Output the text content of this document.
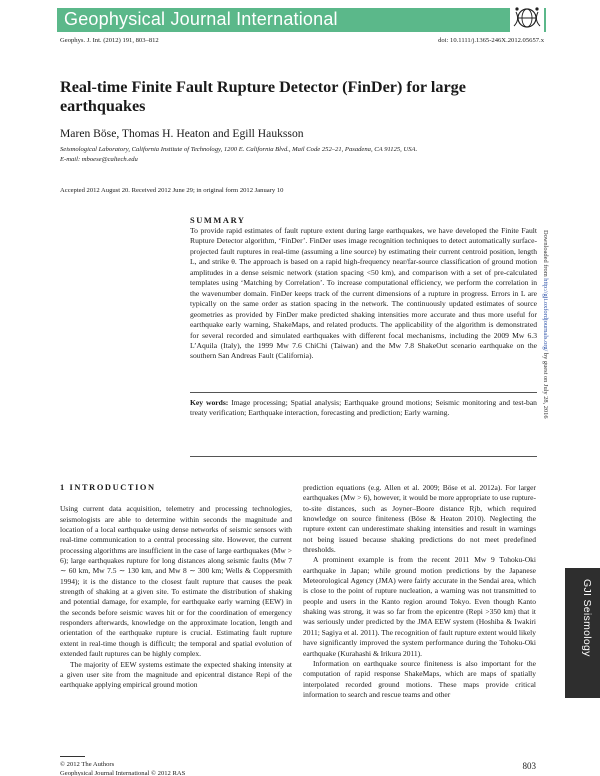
Geophysical Journal International
Geophys. J. Int. (2012) 191, 803–812	doi: 10.1111/j.1365-246X.2012.05657.x
Real-time Finite Fault Rupture Detector (FinDer) for large earthquakes
Maren Böse, Thomas H. Heaton and Egill Hauksson
Seismological Laboratory, California Institute of Technology, 1200 E. California Blvd., Mail Code 252–21, Pasadena, CA 91125, USA.
E-mail: mboese@caltech.edu
Accepted 2012 August 20. Received 2012 June 29; in original form 2012 January 10
SUMMARY
To provide rapid estimates of fault rupture extent during large earthquakes, we have developed the Finite Fault Rupture Detector algorithm, ‘FinDer’. FinDer uses image recognition techniques to detect automatically surface-projected fault ruptures in real-time (assuming a line source) by estimating their current centroid position, length L, and strike θ. The approach is based on a rapid high-frequency near/far-source classification of ground motion amplitudes in a dense seismic network (station spacing <50 km), and comparison with a set of pre-calculated templates using ‘Matching by Correlation’. To increase computational efficiency, we perform the correlation in the wavenumber domain. FinDer keeps track of the current dimensions of a rupture in progress. Errors in L are typically on the same order as station spacing in the network. The continuously updated estimates of source geometries as provided by FinDer make predicted shaking intensities more accurate and thus more useful for earthquake early warning, ShakeMaps, and related products. The applicability of the algorithm is demonstrated for several recorded and simulated earthquakes with different focal mechanisms, including the 2009 Mw 6.3 L’Aquila (Italy), the 1999 Mw 7.6 ChiChi (Taiwan) and the Mw 7.8 ShakeOut scenario earthquake on the southern San Andreas Fault (California).
Key words: Image processing; Spatial analysis; Earthquake ground motions; Seismic monitoring and test-ban treaty verification; Earthquake interaction, forecasting and prediction; Early warning.
Downloaded from http://gji.oxfordjournals.org/ by guest on July 28, 2016
GJI Seismology
1 INTRODUCTION

Using current data acquisition, telemetry and processing technologies, seismologists are able to determine within seconds the magnitude and location of a local earthquake using dense networks of seismic sensors with real-time communication to a central processing site. However, the current processing algorithms are insufficient in the case of large earthquakes (Mw > 6); large earthquakes rupture for long distances along seismic faults (Mw 7 ∼ 60 km, Mw 7.5 ∼ 130 km, and Mw 8 ∼ 300 km; Wells & Coppersmith 1994); it is the distance to the closest fault rupture that causes the peak strength of shaking at a given site. To estimate the distribution of shaking and potential damage, for example, for earthquake early warning (EEW) in the seconds before seismic waves hit or for the coordination of emergency responders afterwards, knowledge on the approximate location, length and orientation of the earthquake rupture is crucial. Estimating fault rupture extent in real-time though is difficult; the temporal and spatial evolution of extended fault ruptures can be highly complex.

The majority of EEW systems estimate the expected shaking intensity at a given user site from the magnitude and epicentral distance Repi of the earthquake applying empirical ground motion

prediction equations (e.g. Allen et al. 2009; Böse et al. 2012a). For larger earthquakes (Mw > 6), however, it would be more appropriate to use rupture-to-site distances, such as Joyner–Boore distance Rjb, which required knowledge on source finiteness (Böse & Heaton 2010). Neglecting the rupture extent can underestimate shaking intensities and result in warnings not being issued because shaking predictions do not meet predefined thresholds.

A prominent example is from the recent 2011 Mw 9 Tohoku-Oki earthquake in Japan; while ground motion predictions by the Japanese Meteorological Agency (JMA) were fairly accurate in the Sendai area, which is close to the point of rupture nucleation, a warning was not transmitted to people and users in the Kanto region around Tokyo. Even though Kanto shaking was strong, it was so far from the epicentre (Repi >350 km) that it was seriously under predicted by the JMA EEW system (Hoshiba & Iwakiri 2011; Sagiya et al. 2011). The recognition of fault rupture extent would likely have significantly improved the system performance during the Tohoku-Oki earthquake (Kurahashi & Irikura 2011).

Information on earthquake source finiteness is also important for the computation of rapid response ShakeMaps, which are maps of spatially interpolated recorded ground motions. These maps provide critical information to search and rescue teams and other

© 2012 The Authors
Geophysical Journal International © 2012 RAS
803
